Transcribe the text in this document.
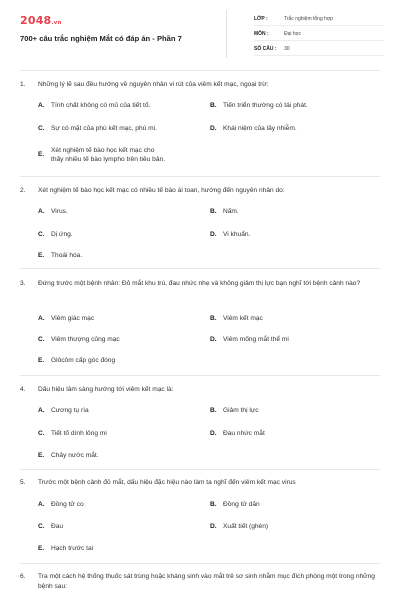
2048.vn
700+ câu trắc nghiệm Mắt có đáp án - Phần 7
LỚP :	Trắc nghiệm tổng hợp
MÔN :	Đại học
SỐ CÂU : 30
1. Những lý lẽ sau đều hướng về nguyên nhân vi rút của viêm kết mạc, ngoại trừ:
A. Tính chất không có mủ của tiết tố.	B. Tiến triển thường có tái phát.
C. Sự có mặt của phù kết mạc, phù mi.	D. Khái niệm của lây nhiễm.
E.
Xét nghiệm tế bào học kết mạc cho thấy nhiều tế bào lympho trên tiêu bản.
2. Xét nghiệm tế bào học kết mạc có nhiều tế bào ái toan, hướng đến nguyên nhân do:
A. Virus.	B. Nấm.
C. Dị ứng.	D. Vi khuẩn.
E.	Thoái hóa.
3. Đứng trước một bệnh nhân: Đỏ mắt khu trú, đau nhức nhẹ và không giảm thị lực bạn nghĩ tới bệnh cảnh nào?
A. Viêm giác mạc	B. Viêm kết mạc
C. Viêm thượng củng mạc	D. Viêm mống mắt thể mi
E.	Glôcôm cấp góc đóng
4. Dấu hiệu lâm sàng hướng tới viêm kết mạc là:
A. Cương tụ rìa	B. Giảm thị lực
C. Tiết tố dính lông mi	D. Đau nhức mắt
E.	Chảy nước mắt.
5. Trước một bệnh cảnh đỏ mắt, dấu hiệu đặc hiệu nào làm ta nghĩ đến viêm kết mạc virus
A. Đồng tử co	B. Đồng tử dãn
C. Đau	D. Xuất tiết (ghèn)
E.	Hạch trước tai
6. Tra một cách hệ thống thuốc sát trùng hoặc kháng sinh vào mắt trẻ sơ sinh nhằm mục đích phòng một trong những bệnh sau:
